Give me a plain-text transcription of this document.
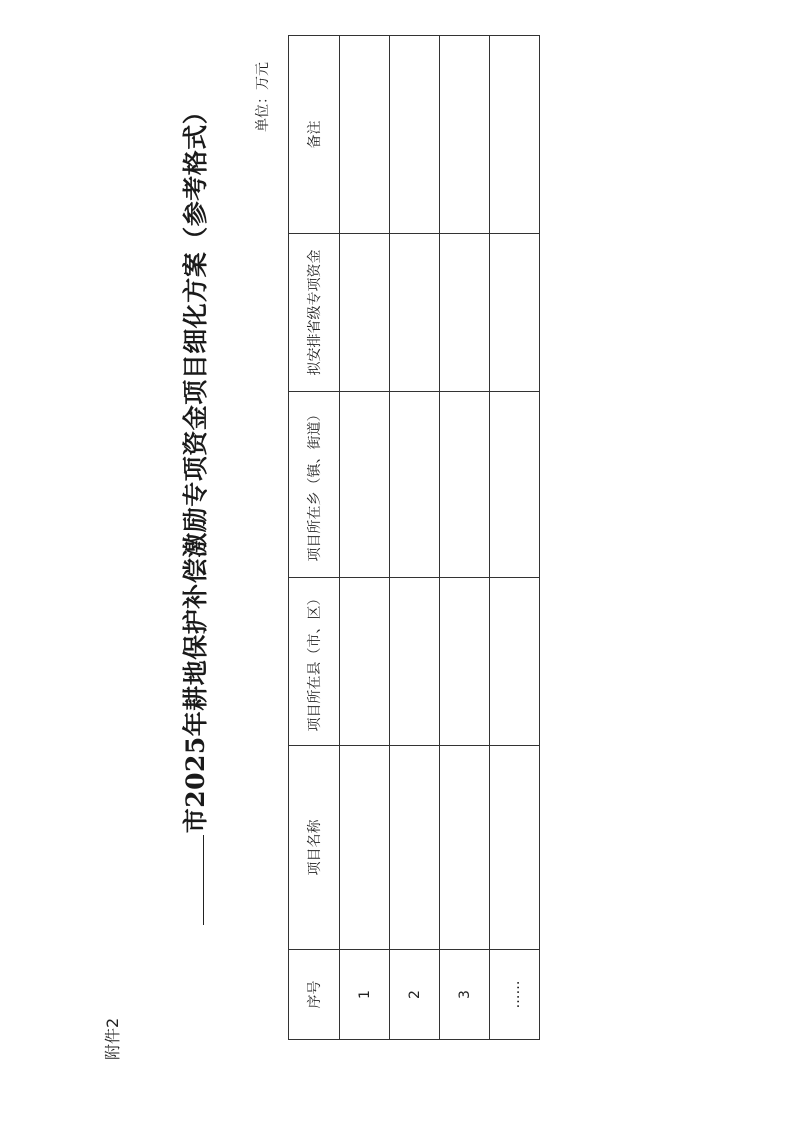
附件2
市2025年耕地保护补偿激励专项资金项目细化方案（参考格式）
单位：万元
序号	项目名称	项目所在县（市、区）	项目所在乡（镇、街道）	拟安排省级专项资金	备注
1					
2					
3					
……					
